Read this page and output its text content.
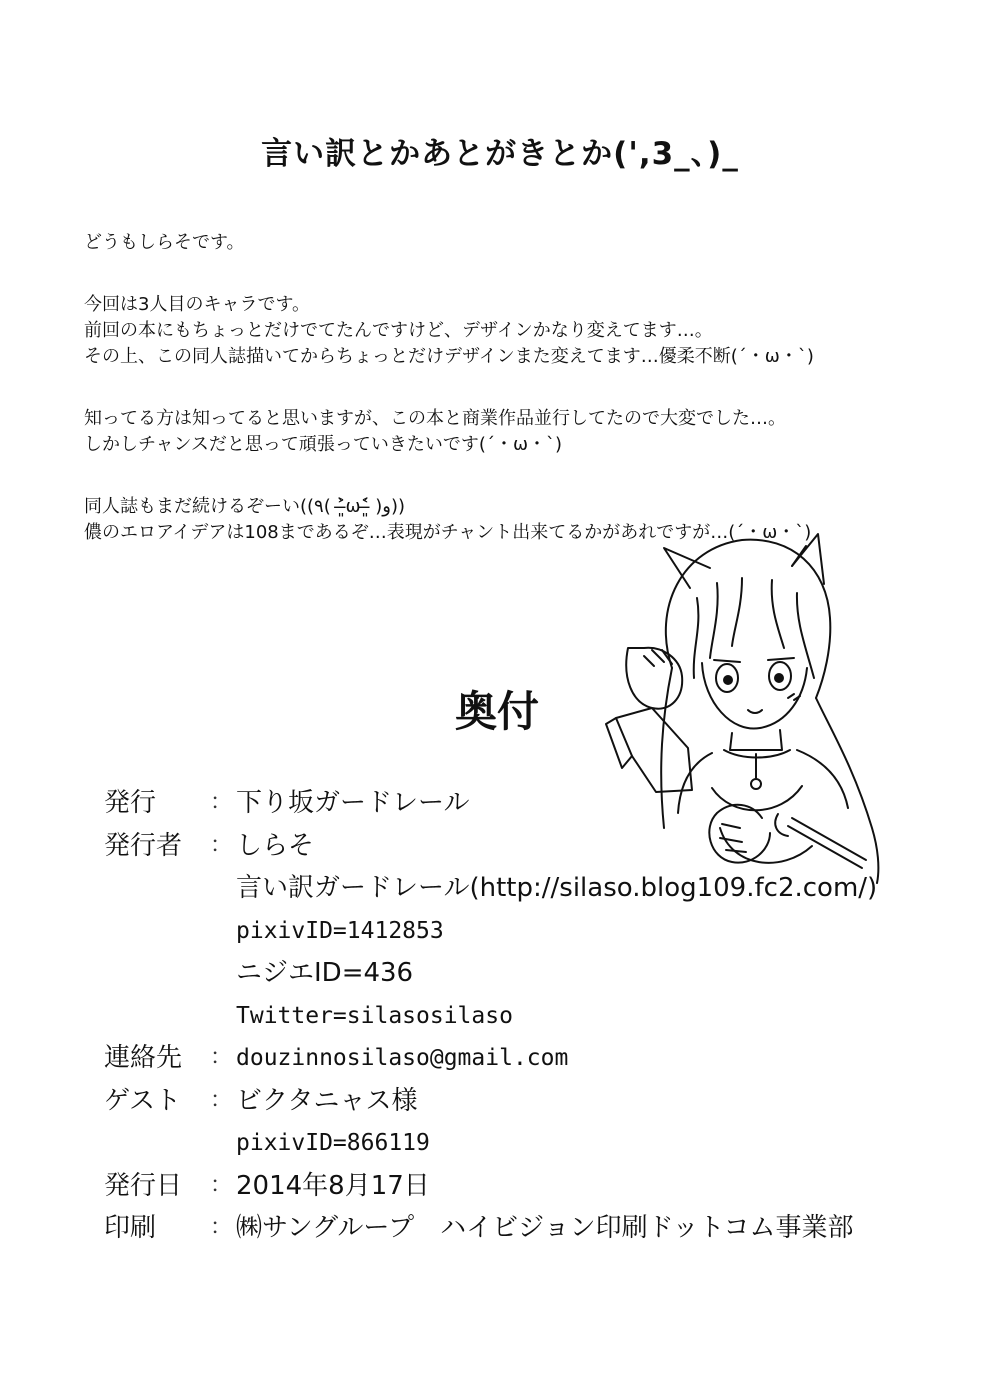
言い訳とかあとがきとか(',3_、)_
どうもしらそです。
今回は3人目のキャラです。
前回の本にもちょっとだけでてたんですけど、デザインかなり変えてます…。
その上、この同人誌描いてからちょっとだけデザインまた変えてます…優柔不断(´・ω・`)
知ってる方は知ってると思いますが、この本と商業作品並行してたので大変でした…。
しかしチャンスだと思って頑張っていきたいです(´・ω・`)
同人誌もまだ続けるぞーい((٩( ˃̶͈̀ω˂̶͈́ )و))
儂のエロアイデアは108まであるぞ…表現がチャント出来てるかがあれですが…(´・ω・`)
奥付
発行 ： 下り坂ガードレール
発行者 ： しらそ
言い訳ガードレール(http://silaso.blog109.fc2.com/)
pixivID=1412853
ニジエID=436
Twitter=silasosilaso
連絡先 ： douzinnosilaso@gmail.com
ゲスト ： ビクタニャス様
pixivID=866119
発行日 ： 2014年8月17日
印刷 ： ㈱サングループ　ハイビジョン印刷ドットコム事業部
